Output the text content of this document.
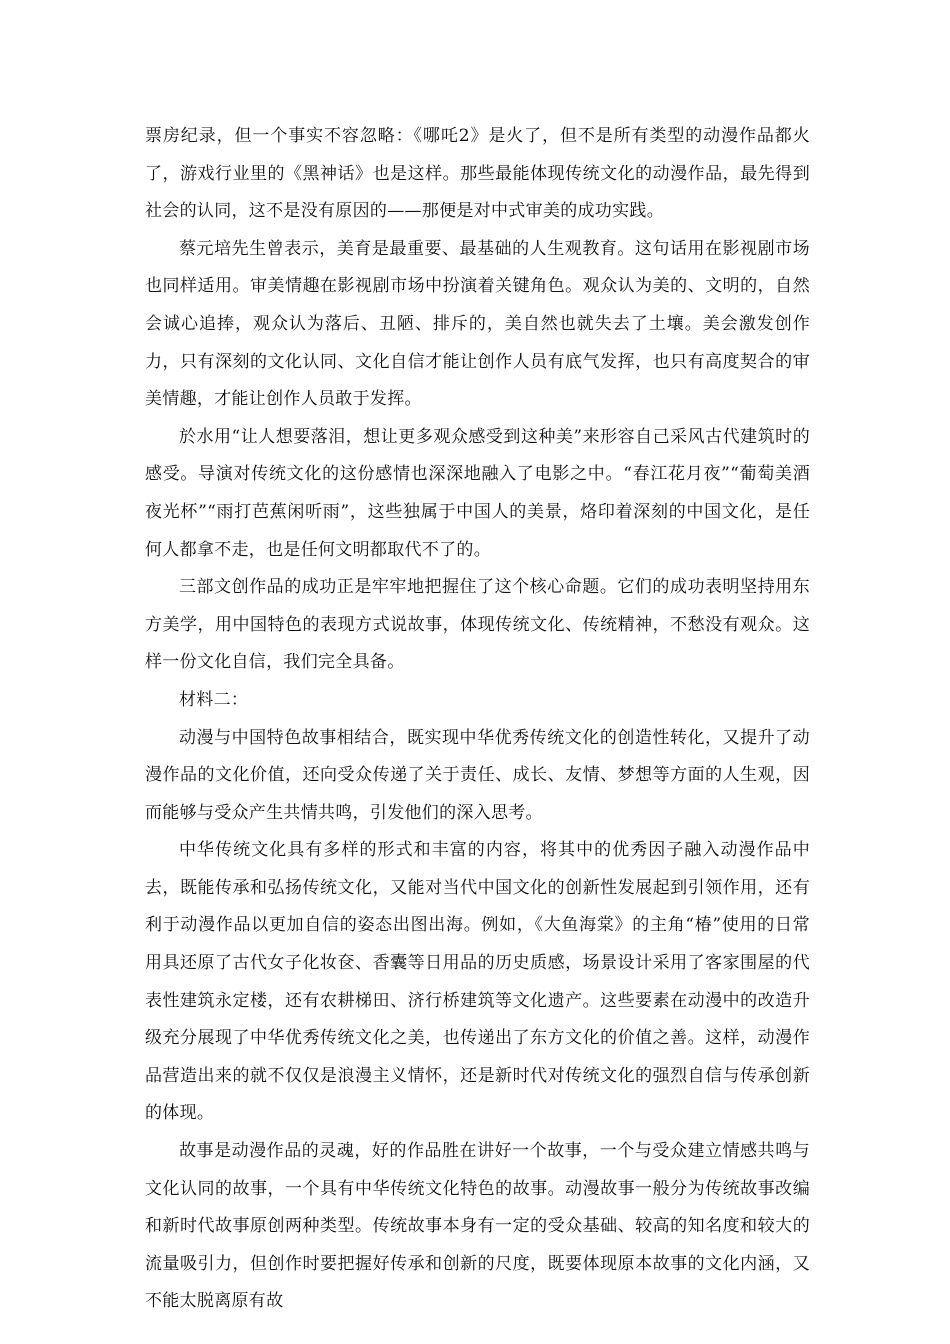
票房纪录，但一个事实不容忽略：《哪吒2》是火了，但不是所有类型的动漫作品都火了，游戏行业里的《黑神话》也是这样。那些最能体现传统文化的动漫作品，最先得到社会的认同，这不是没有原因的——那便是对中式审美的成功实践。

蔡元培先生曾表示，美育是最重要、最基础的人生观教育。这句话用在影视剧市场也同样适用。审美情趣在影视剧市场中扮演着关键角色。观众认为美的、文明的，自然会诚心追捧，观众认为落后、丑陋、排斥的，美自然也就失去了土壤。美会激发创作力，只有深刻的文化认同、文化自信才能让创作人员有底气发挥，也只有高度契合的审美情趣，才能让创作人员敢于发挥。

於水用“让人想要落泪，想让更多观众感受到这种美”来形容自己采风古代建筑时的感受。导演对传统文化的这份感情也深深地融入了电影之中。“春江花月夜”“葡萄美酒夜光杯”“雨打芭蕉闲听雨”，这些独属于中国人的美景，烙印着深刻的中国文化，是任何人都拿不走，也是任何文明都取代不了的。

三部文创作品的成功正是牢牢地把握住了这个核心命题。它们的成功表明坚持用东方美学，用中国特色的表现方式说故事，体现传统文化、传统精神，不愁没有观众。这样一份文化自信，我们完全具备。

材料二：

动漫与中国特色故事相结合，既实现中华优秀传统文化的创造性转化，又提升了动漫作品的文化价值，还向受众传递了关于责任、成长、友情、梦想等方面的人生观，因而能够与受众产生共情共鸣，引发他们的深入思考。

中华传统文化具有多样的形式和丰富的内容，将其中的优秀因子融入动漫作品中去，既能传承和弘扬传统文化，又能对当代中国文化的创新性发展起到引领作用，还有利于动漫作品以更加自信的姿态出图出海。例如，《大鱼海棠》的主角“椿”使用的日常用具还原了古代女子化妆奁、香囊等日用品的历史质感，场景设计采用了客家围屋的代表性建筑永定楼，还有农耕梯田、济行桥建筑等文化遗产。这些要素在动漫中的改造升级充分展现了中华优秀传统文化之美，也传递出了东方文化的价值之善。这样，动漫作品营造出来的就不仅仅是浪漫主义情怀，还是新时代对传统文化的强烈自信与传承创新的体现。

故事是动漫作品的灵魂，好的作品胜在讲好一个故事，一个与受众建立情感共鸣与文化认同的故事，一个具有中华传统文化特色的故事。动漫故事一般分为传统故事改编和新时代故事原创两种类型。传统故事本身有一定的受众基础、较高的知名度和较大的流量吸引力，但创作时要把握好传承和创新的尺度，既要体现原本故事的文化内涵，又不能太脱离原有故
